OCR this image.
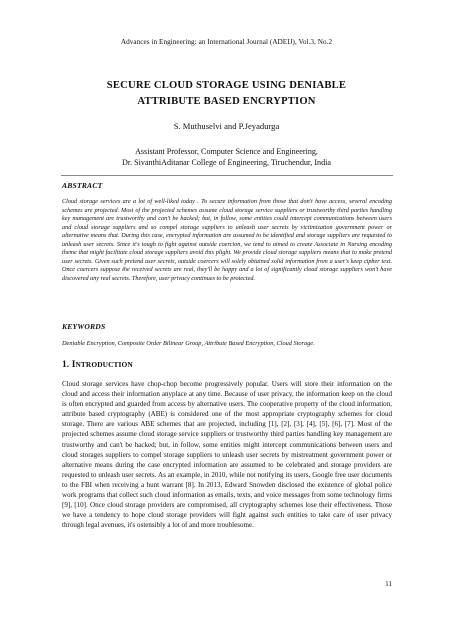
Advances in Engineering: an International Journal (ADEIJ), Vol.3, No.2
SECURE CLOUD STORAGE USING DENIABLE
ATTRIBUTE BASED ENCRYPTION
S. Muthuselvi and P.Jeyadurga
Assistant Professor, Computer Science and Engineering,
Dr. SivanthiAditanar College of Engineering, Tiruchendur, India
ABSTRACT
Cloud storage services are a lot of well-liked today . To secure information from those that don't have access, several encoding schemes are projected. Most of the projected schemes assume cloud storage service suppliers or trustworthy third parties handling key management are trustworthy and can't be hacked; but, in follow, some entities could intercept communications between users and cloud storage suppliers and so compel storage suppliers to unleash user secrets by victimization government power or alternative means that. During this case, encrypted information are assumed to be identified and storage suppliers are requested to unleash user secrets. Since it's tough to fight against outside coercion, we tend to aimed to create Associate in Nursing encoding theme that might facilitate cloud storage suppliers avoid this plight. We provide cloud storage suppliers means that to make pretend user secrets. Given such pretend user secrets, outside coercers will solely obtained solid information from a user's keep cipher text. Once coercers suppose the received secrets are real, they'll be happy and a lot of significantly cloud storage suppliers won't have discovered any real secrets. Therefore, user privacy continues to be protected.
KEYWORDS
Deniable Encryption, Composite Order Bilinear Group, Attribute Based Encryption, Cloud Storage.
1. INTRODUCTION
Cloud storage services have chop-chop become progressively popular. Users will store their information on the cloud and access their information anyplace at any time. Because of user privacy, the information keep on the cloud is often encrypted and guarded from access by alternative users. The cooperative property of the cloud information, attribute based cryptography (ABE) is considered one of the most appropriate cryptography schemes for cloud storage. There are various ABE schemes that are projected, including [1], [2], [3], [4], [5], [6], [7]. Most of the projected schemes assume cloud storage service suppliers or trustworthy third parties handling key management are trustworthy and can't be hacked; but, in follow, some entities might intercept communications between users and cloud storages suppliers to compel storage suppliers to unleash user secrets by mistreatment government power or alternative means during the case encrypted information are assumed to be celebrated and storage providers are requested to unleash user secrets. As an example, in 2010, while not notifying its users, Google free user documents to the FBI when receiving a hunt warrant [8]. In 2013, Edward Snowden disclosed the existence of global police work programs that collect such cloud information as emails, texts, and voice messages from some technology firms [9], [10]. Once cloud storage providers are compromised, all cryptography schemes lose their effectiveness. Those we have a tendency to hope cloud storage providers will fight against such entities to take care of user privacy through legal avenues, it's ostensibly a lot of and more troublesome.
11
